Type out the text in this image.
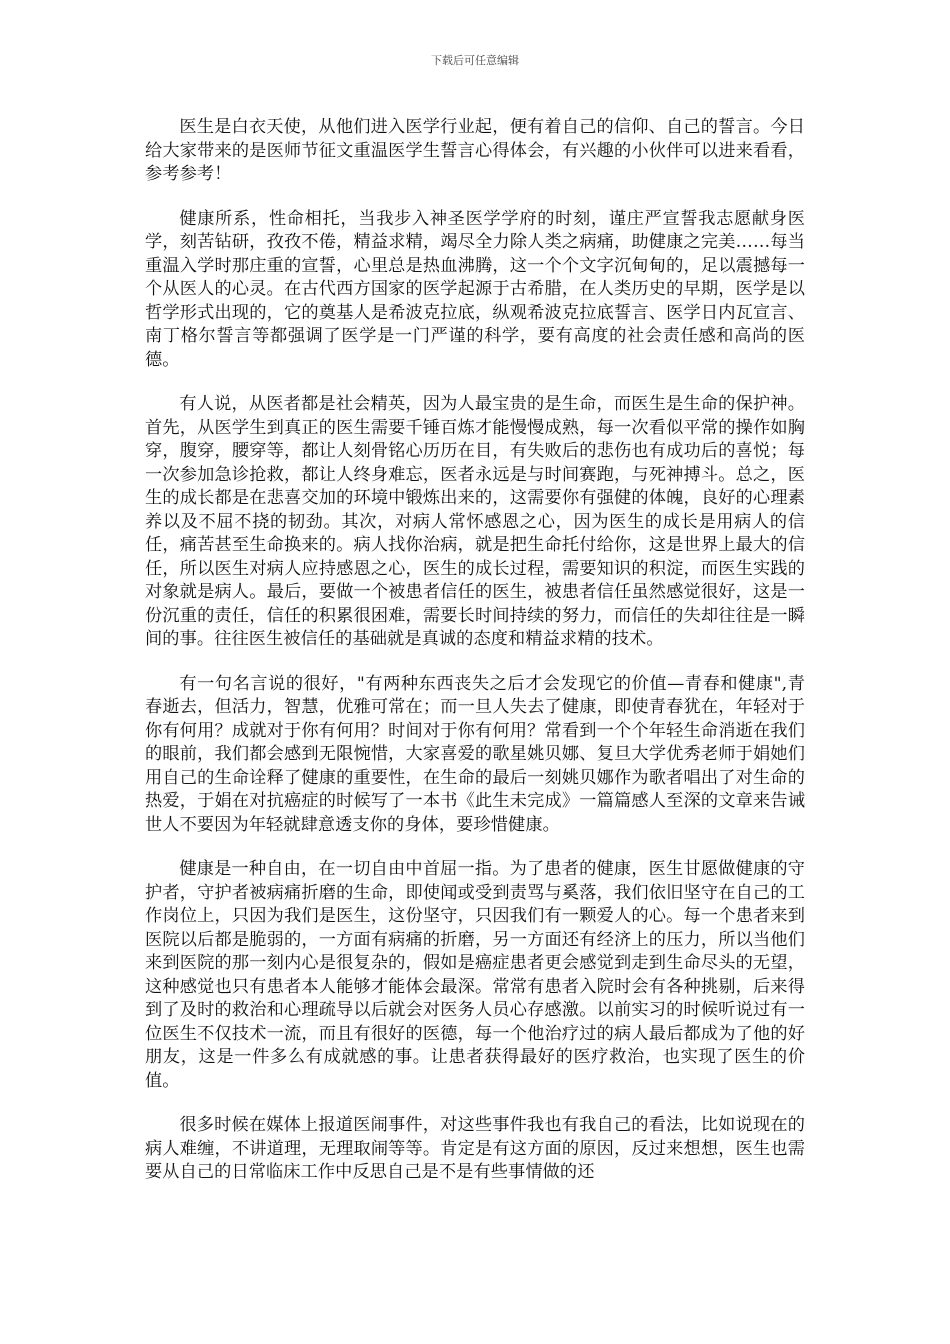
下载后可任意编辑

医生是白衣天使，从他们进入医学行业起，便有着自己的信仰、自己的誓言。今日给大家带来的是医师节征文重温医学生誓言心得体会，有兴趣的小伙伴可以进来看看，参考参考！

健康所系，性命相托，当我步入神圣医学学府的时刻，谨庄严宣誓我志愿献身医学，刻苦钻研，孜孜不倦，精益求精，竭尽全力除人类之病痛，助健康之完美……每当重温入学时那庄重的宣誓，心里总是热血沸腾，这一个个文字沉甸甸的，足以震撼每一个从医人的心灵。在古代西方国家的医学起源于古希腊，在人类历史的早期，医学是以哲学形式出现的，它的奠基人是希波克拉底，纵观希波克拉底誓言、医学日内瓦宣言、南丁格尔誓言等都强调了医学是一门严谨的科学，要有高度的社会责任感和高尚的医德。

有人说，从医者都是社会精英，因为人最宝贵的是生命，而医生是生命的保护神。首先，从医学生到真正的医生需要千锤百炼才能慢慢成熟，每一次看似平常的操作如胸穿，腹穿，腰穿等，都让人刻骨铭心历历在目，有失败后的悲伤也有成功后的喜悦；每一次参加急诊抢救，都让人终身难忘，医者永远是与时间赛跑，与死神搏斗。总之，医生的成长都是在悲喜交加的环境中锻炼出来的，这需要你有强健的体魄，良好的心理素养以及不屈不挠的韧劲。其次，对病人常怀感恩之心，因为医生的成长是用病人的信任，痛苦甚至生命换来的。病人找你治病，就是把生命托付给你，这是世界上最大的信任，所以医生对病人应持感恩之心，医生的成长过程，需要知识的积淀，而医生实践的对象就是病人。最后，要做一个被患者信任的医生，被患者信任虽然感觉很好，这是一份沉重的责任，信任的积累很困难，需要长时间持续的努力，而信任的失却往往是一瞬间的事。往往医生被信任的基础就是真诚的态度和精益求精的技术。

有一句名言说的很好，"有两种东西丧失之后才会发现它的价值—青春和健康",青春逝去，但活力，智慧，优雅可常在；而一旦人失去了健康，即使青春犹在，年轻对于你有何用？成就对于你有何用？时间对于你有何用？常看到一个个年轻生命消逝在我们的眼前，我们都会感到无限惋惜，大家喜爱的歌星姚贝娜、复旦大学优秀老师于娟她们用自己的生命诠释了健康的重要性，在生命的最后一刻姚贝娜作为歌者唱出了对生命的热爱，于娟在对抗癌症的时候写了一本书《此生未完成》一篇篇感人至深的文章来告诫世人不要因为年轻就肆意透支你的身体，要珍惜健康。

健康是一种自由，在一切自由中首屈一指。为了患者的健康，医生甘愿做健康的守护者，守护者被病痛折磨的生命，即使闻或受到责骂与奚落，我们依旧坚守在自己的工作岗位上，只因为我们是医生，这份坚守，只因我们有一颗爱人的心。每一个患者来到医院以后都是脆弱的，一方面有病痛的折磨，另一方面还有经济上的压力，所以当他们来到医院的那一刻内心是很复杂的，假如是癌症患者更会感觉到走到生命尽头的无望，这种感觉也只有患者本人能够才能体会最深。常常有患者入院时会有各种挑剔，后来得到了及时的救治和心理疏导以后就会对医务人员心存感激。以前实习的时候听说过有一位医生不仅技术一流，而且有很好的医德，每一个他治疗过的病人最后都成为了他的好朋友，这是一件多么有成就感的事。让患者获得最好的医疗救治，也实现了医生的价值。

很多时候在媒体上报道医闹事件，对这些事件我也有我自己的看法，比如说现在的病人难缠，不讲道理，无理取闹等等。肯定是有这方面的原因，反过来想想，医生也需要从自己的日常临床工作中反思自己是不是有些事情做的还
